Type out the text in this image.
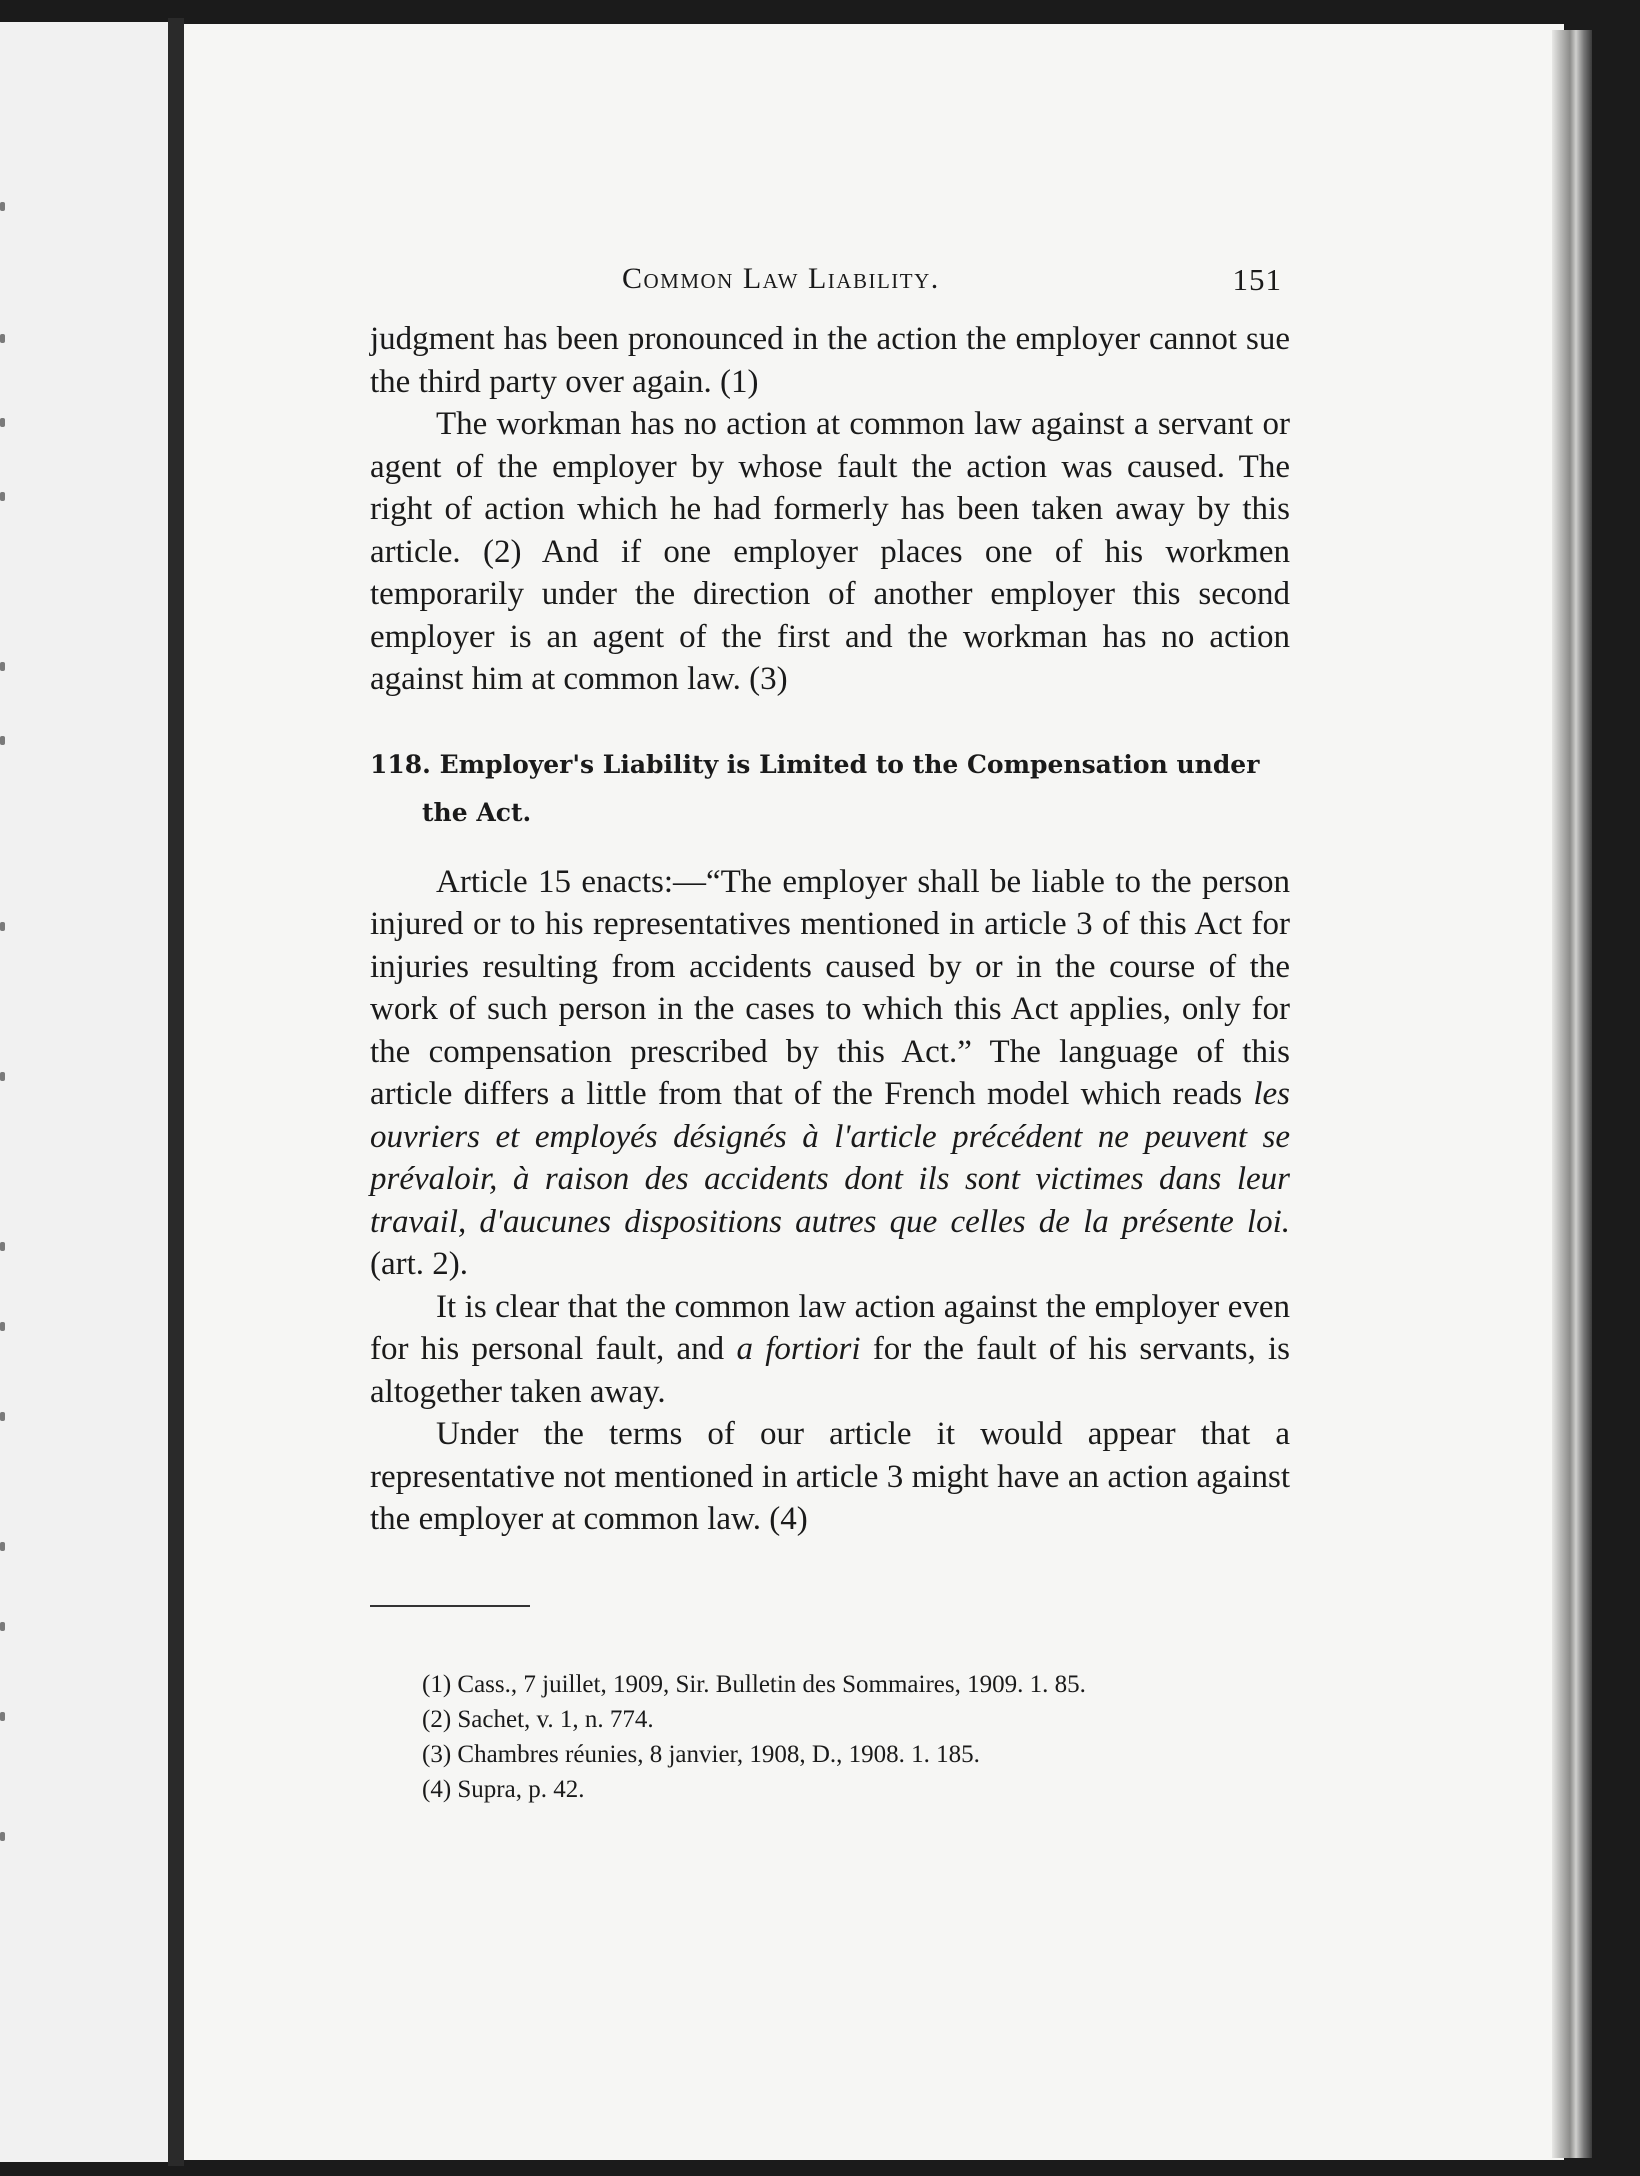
Common Law Liability.	151

judgment has been pronounced in the action the employer cannot sue the third party over again. (1)

The workman has no action at common law against a servant or agent of the employer by whose fault the action was caused. The right of action which he had formerly has been taken away by this article. (2) And if one employer places one of his workmen temporarily under the direction of another employer this second employer is an agent of the first and the workman has no action against him at common law. (3)

118. Employer's Liability is Limited to the Compensation under the Act.

Article 15 enacts:—“The employer shall be liable to the person injured or to his representatives mentioned in article 3 of this Act for injuries resulting from accidents caused by or in the course of the work of such person in the cases to which this Act applies, only for the compensation prescribed by this Act.” The language of this article differs a little from that of the French model which reads les ouvriers et employés désignés à l'article précédent ne peuvent se prévaloir, à raison des accidents dont ils sont victimes dans leur travail, d'aucunes dispositions autres que celles de la présente loi. (art. 2).

It is clear that the common law action against the employer even for his personal fault, and a fortiori for the fault of his servants, is altogether taken away.

Under the terms of our article it would appear that a representative not mentioned in article 3 might have an action against the employer at common law. (4)

(1) Cass., 7 juillet, 1909, Sir. Bulletin des Sommaires, 1909. 1. 85.
(2) Sachet, v. 1, n. 774.
(3) Chambres réunies, 8 janvier, 1908, D., 1908. 1. 185.
(4) Supra, p. 42.
